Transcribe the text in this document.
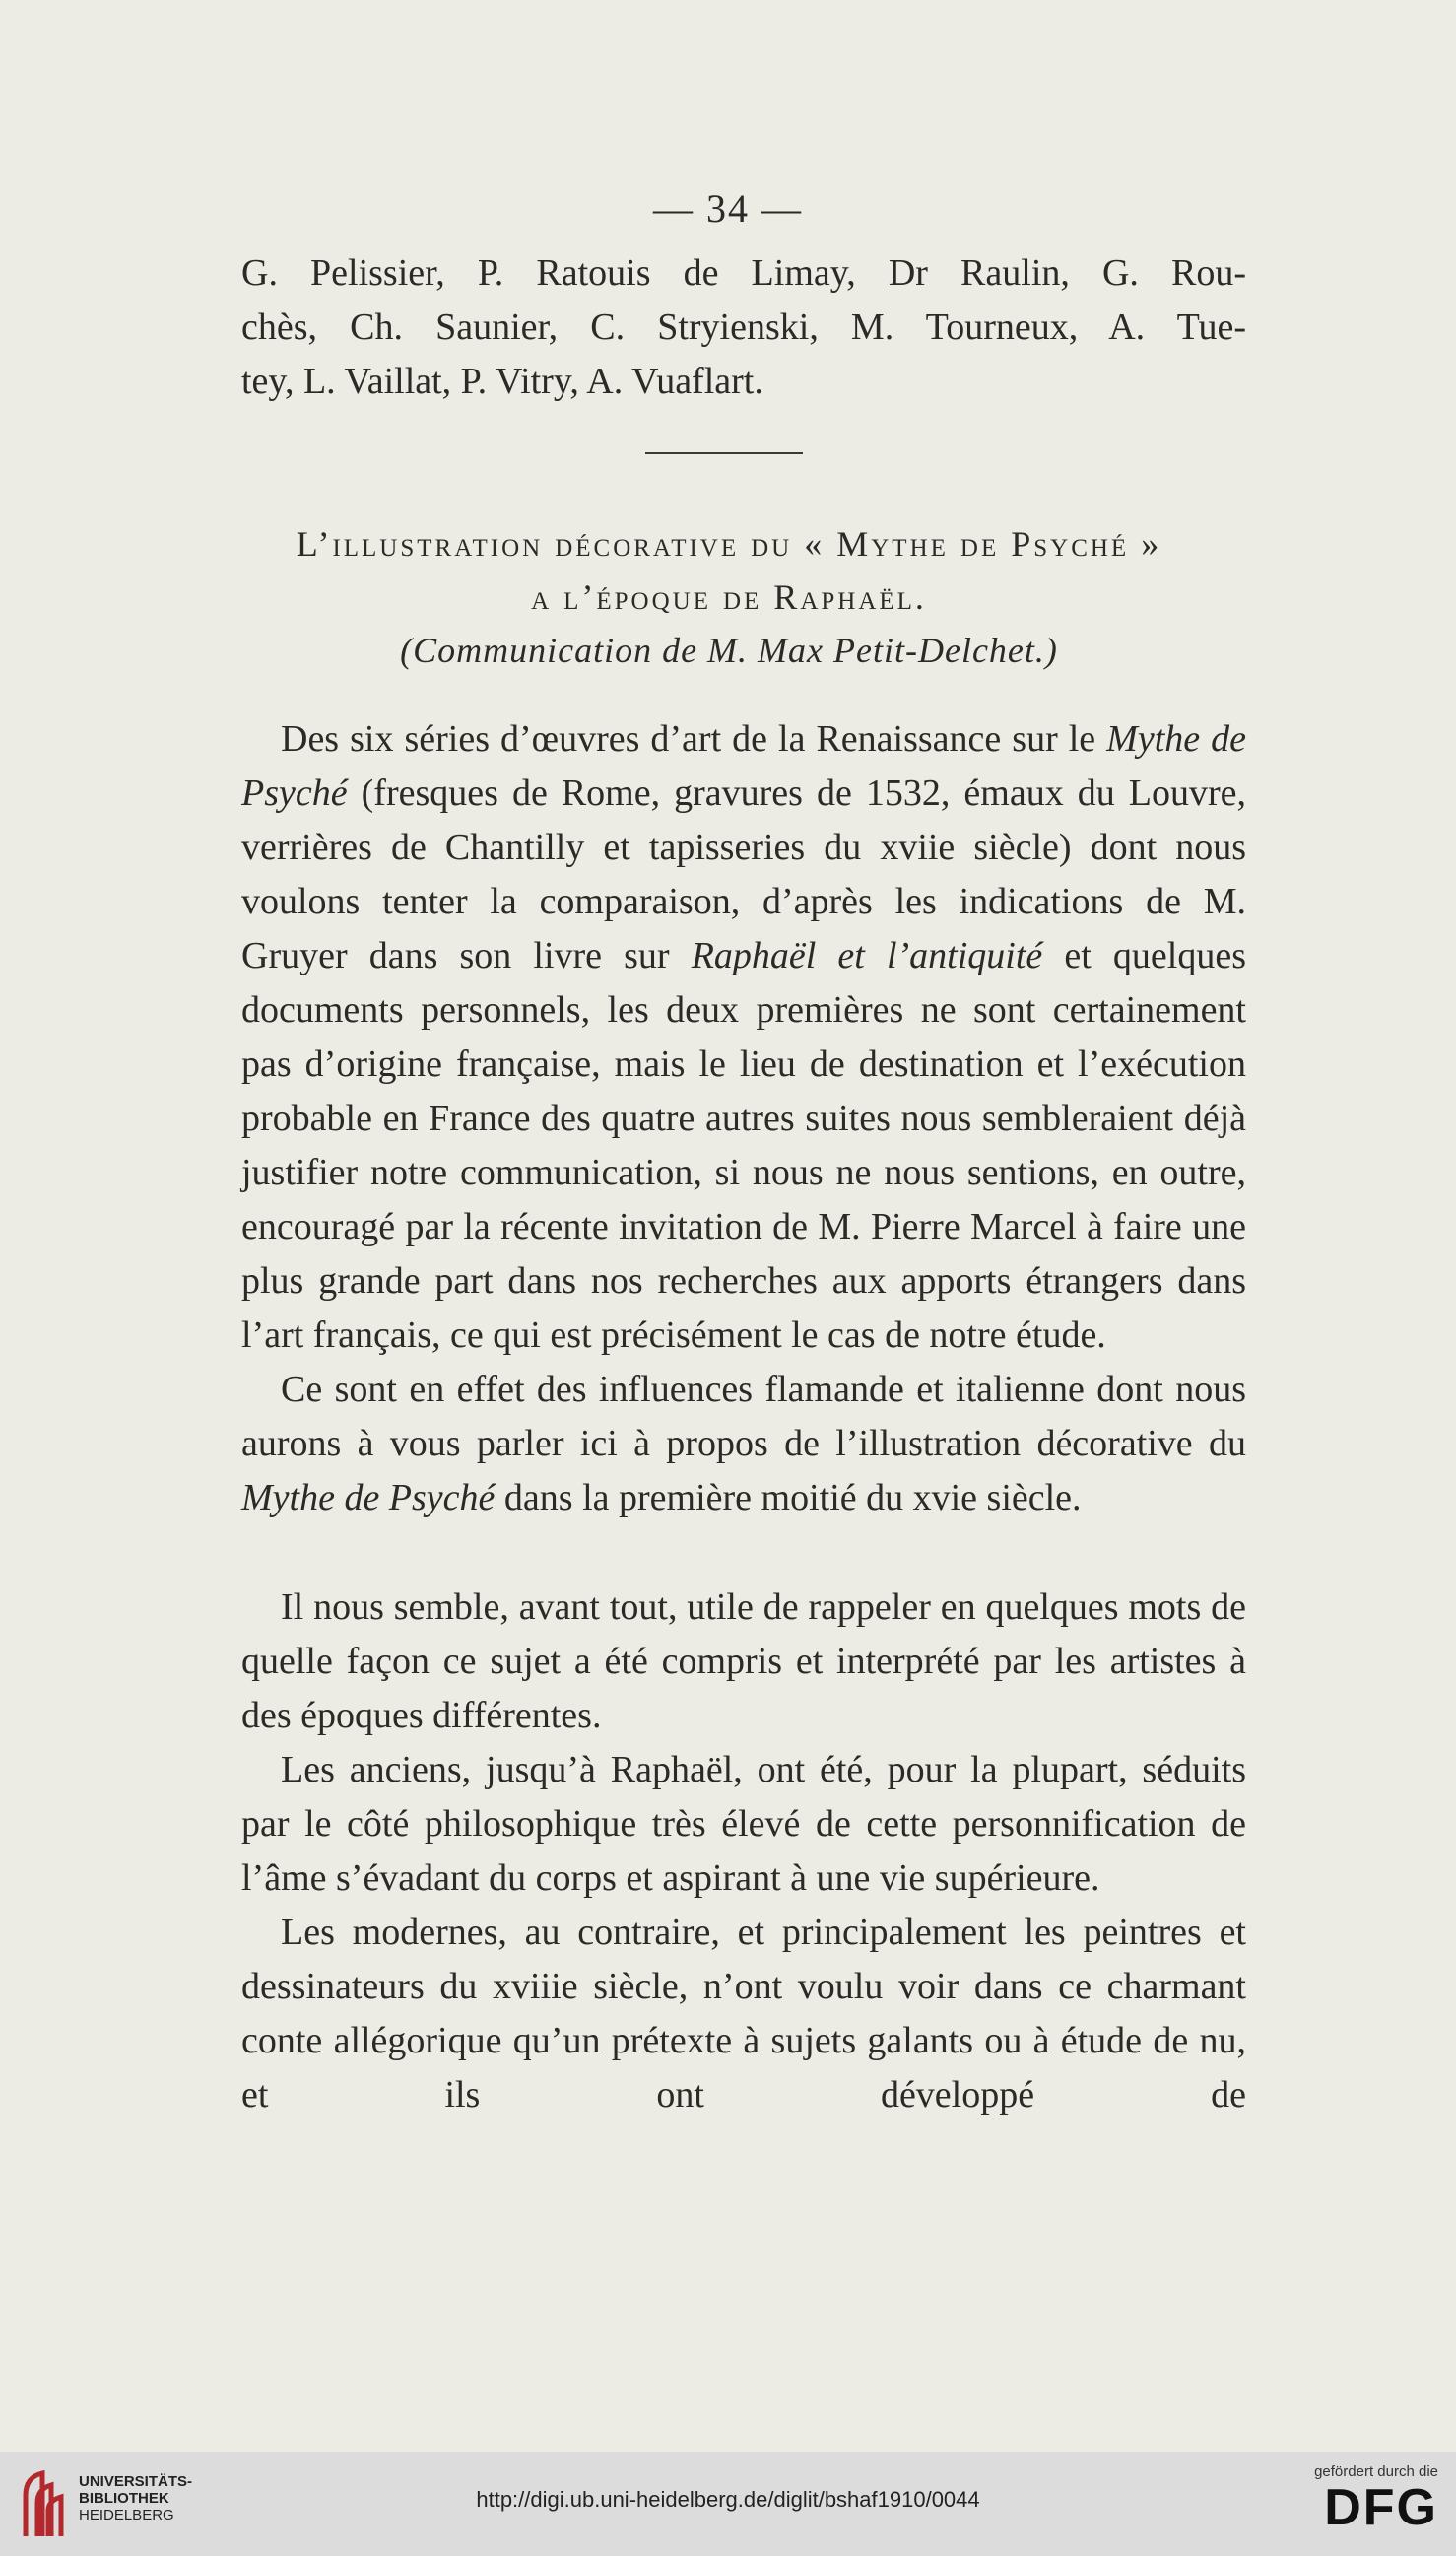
— 34 —

G. Pelissier, P. Ratouis de Limay, Dr Raulin, G. Rou-

chès, Ch. Saunier, C. Stryienski, M. Tourneux, A. Tue-

tey, L. Vaillat, P. Vitry, A. Vuaflart.

L’illustration décorative du « Mythe de Psyché »
a l’époque de Raphaël.
(Communication de M. Max Petit-Delchet.)

Des six séries d’œuvres d’art de la Renaissance sur le Mythe de Psyché (fresques de Rome, gravures de 1532, émaux du Louvre, verrières de Chantilly et tapisseries du xviie siècle) dont nous voulons tenter la comparaison, d’après les indications de M. Gruyer dans son livre sur Raphaël et l’antiquité et quelques documents personnels, les deux premières ne sont certainement pas d’origine française, mais le lieu de destination et l’exécution probable en France des quatre autres suites nous sembleraient déjà justifier notre communication, si nous ne nous sentions, en outre, encouragé par la récente invitation de M. Pierre Marcel à faire une plus grande part dans nos recherches aux apports étrangers dans l’art français, ce qui est précisément le cas de notre étude.

Ce sont en effet des influences flamande et italienne dont nous aurons à vous parler ici à propos de l’illustration décorative du Mythe de Psyché dans la première moitié du xvie siècle.

Il nous semble, avant tout, utile de rappeler en quelques mots de quelle façon ce sujet a été compris et interprété par les artistes à des époques différentes.

Les anciens, jusqu’à Raphaël, ont été, pour la plupart, séduits par le côté philosophique très élevé de cette personnification de l’âme s’évadant du corps et aspirant à une vie supérieure.

Les modernes, au contraire, et principalement les peintres et dessinateurs du xviiie siècle, n’ont voulu voir dans ce charmant conte allégorique qu’un prétexte à sujets galants ou à étude de nu, et ils ont développé de

UNIVERSITÄTS-
BIBLIOTHEK
HEIDELBERG
http://digi.ub.uni-heidelberg.de/diglit/bshaf1910/0044
gefördert durch die
DFG
